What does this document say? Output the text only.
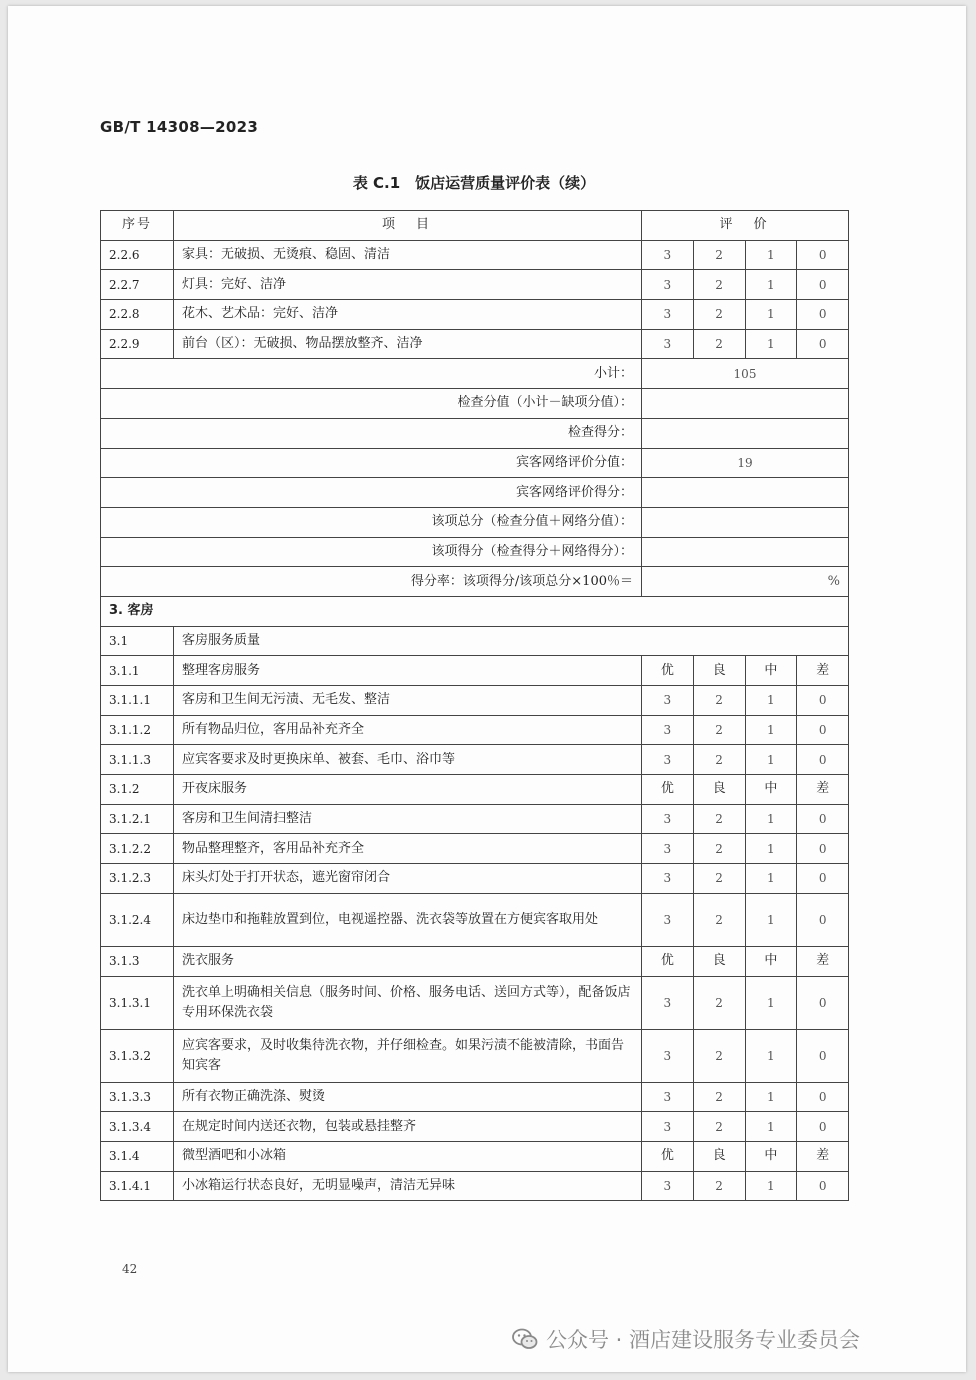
GB/T 14308—2023
表 C.1　饭店运营质量评价表（续）
序号	项　目	评　价			
2.2.6	家具：无破损、无烫痕、稳固、清洁	3	2	1	0
2.2.7	灯具：完好、洁净	3	2	1	0
2.2.8	花木、艺术品：完好、洁净	3	2	1	0
2.2.9	前台（区）：无破损、物品摆放整齐、洁净	3	2	1	0
小计：		105			
检查分值（小计－缺项分值）：					
检查得分：					
宾客网络评价分值：		19			
宾客网络评价得分：					
该项总分（检查分值＋网络分值）：					
该项得分（检查得分＋网络得分）：					
得分率：该项得分/该项总分×100％＝		%			
3. 客房					
3.1	客房服务质量				
3.1.1	整理客房服务	优	良	中	差
3.1.1.1	客房和卫生间无污渍、无毛发、整洁	3	2	1	0
3.1.1.2	所有物品归位，客用品补充齐全	3	2	1	0
3.1.1.3	应宾客要求及时更换床单、被套、毛巾、浴巾等	3	2	1	0
3.1.2	开夜床服务	优	良	中	差
3.1.2.1	客房和卫生间清扫整洁	3	2	1	0
3.1.2.2	物品整理整齐，客用品补充齐全	3	2	1	0
3.1.2.3	床头灯处于打开状态，遮光窗帘闭合	3	2	1	0
3.1.2.4	床边垫巾和拖鞋放置到位，电视遥控器、洗衣袋等放置在方便宾客取用处	3	2	1	0
3.1.3	洗衣服务	优	良	中	差
3.1.3.1	洗衣单上明确相关信息（服务时间、价格、服务电话、送回方式等），配备饭店专用环保洗衣袋	3	2	1	0
3.1.3.2	应宾客要求，及时收集待洗衣物，并仔细检查。如果污渍不能被清除，书面告知宾客	3	2	1	0
3.1.3.3	所有衣物正确洗涤、熨烫	3	2	1	0
3.1.3.4	在规定时间内送还衣物，包装或悬挂整齐	3	2	1	0
3.1.4	微型酒吧和小冰箱	优	良	中	差
3.1.4.1	小冰箱运行状态良好，无明显噪声，清洁无异味	3	2	1	0
42
公众号 · 酒店建设服务专业委员会
